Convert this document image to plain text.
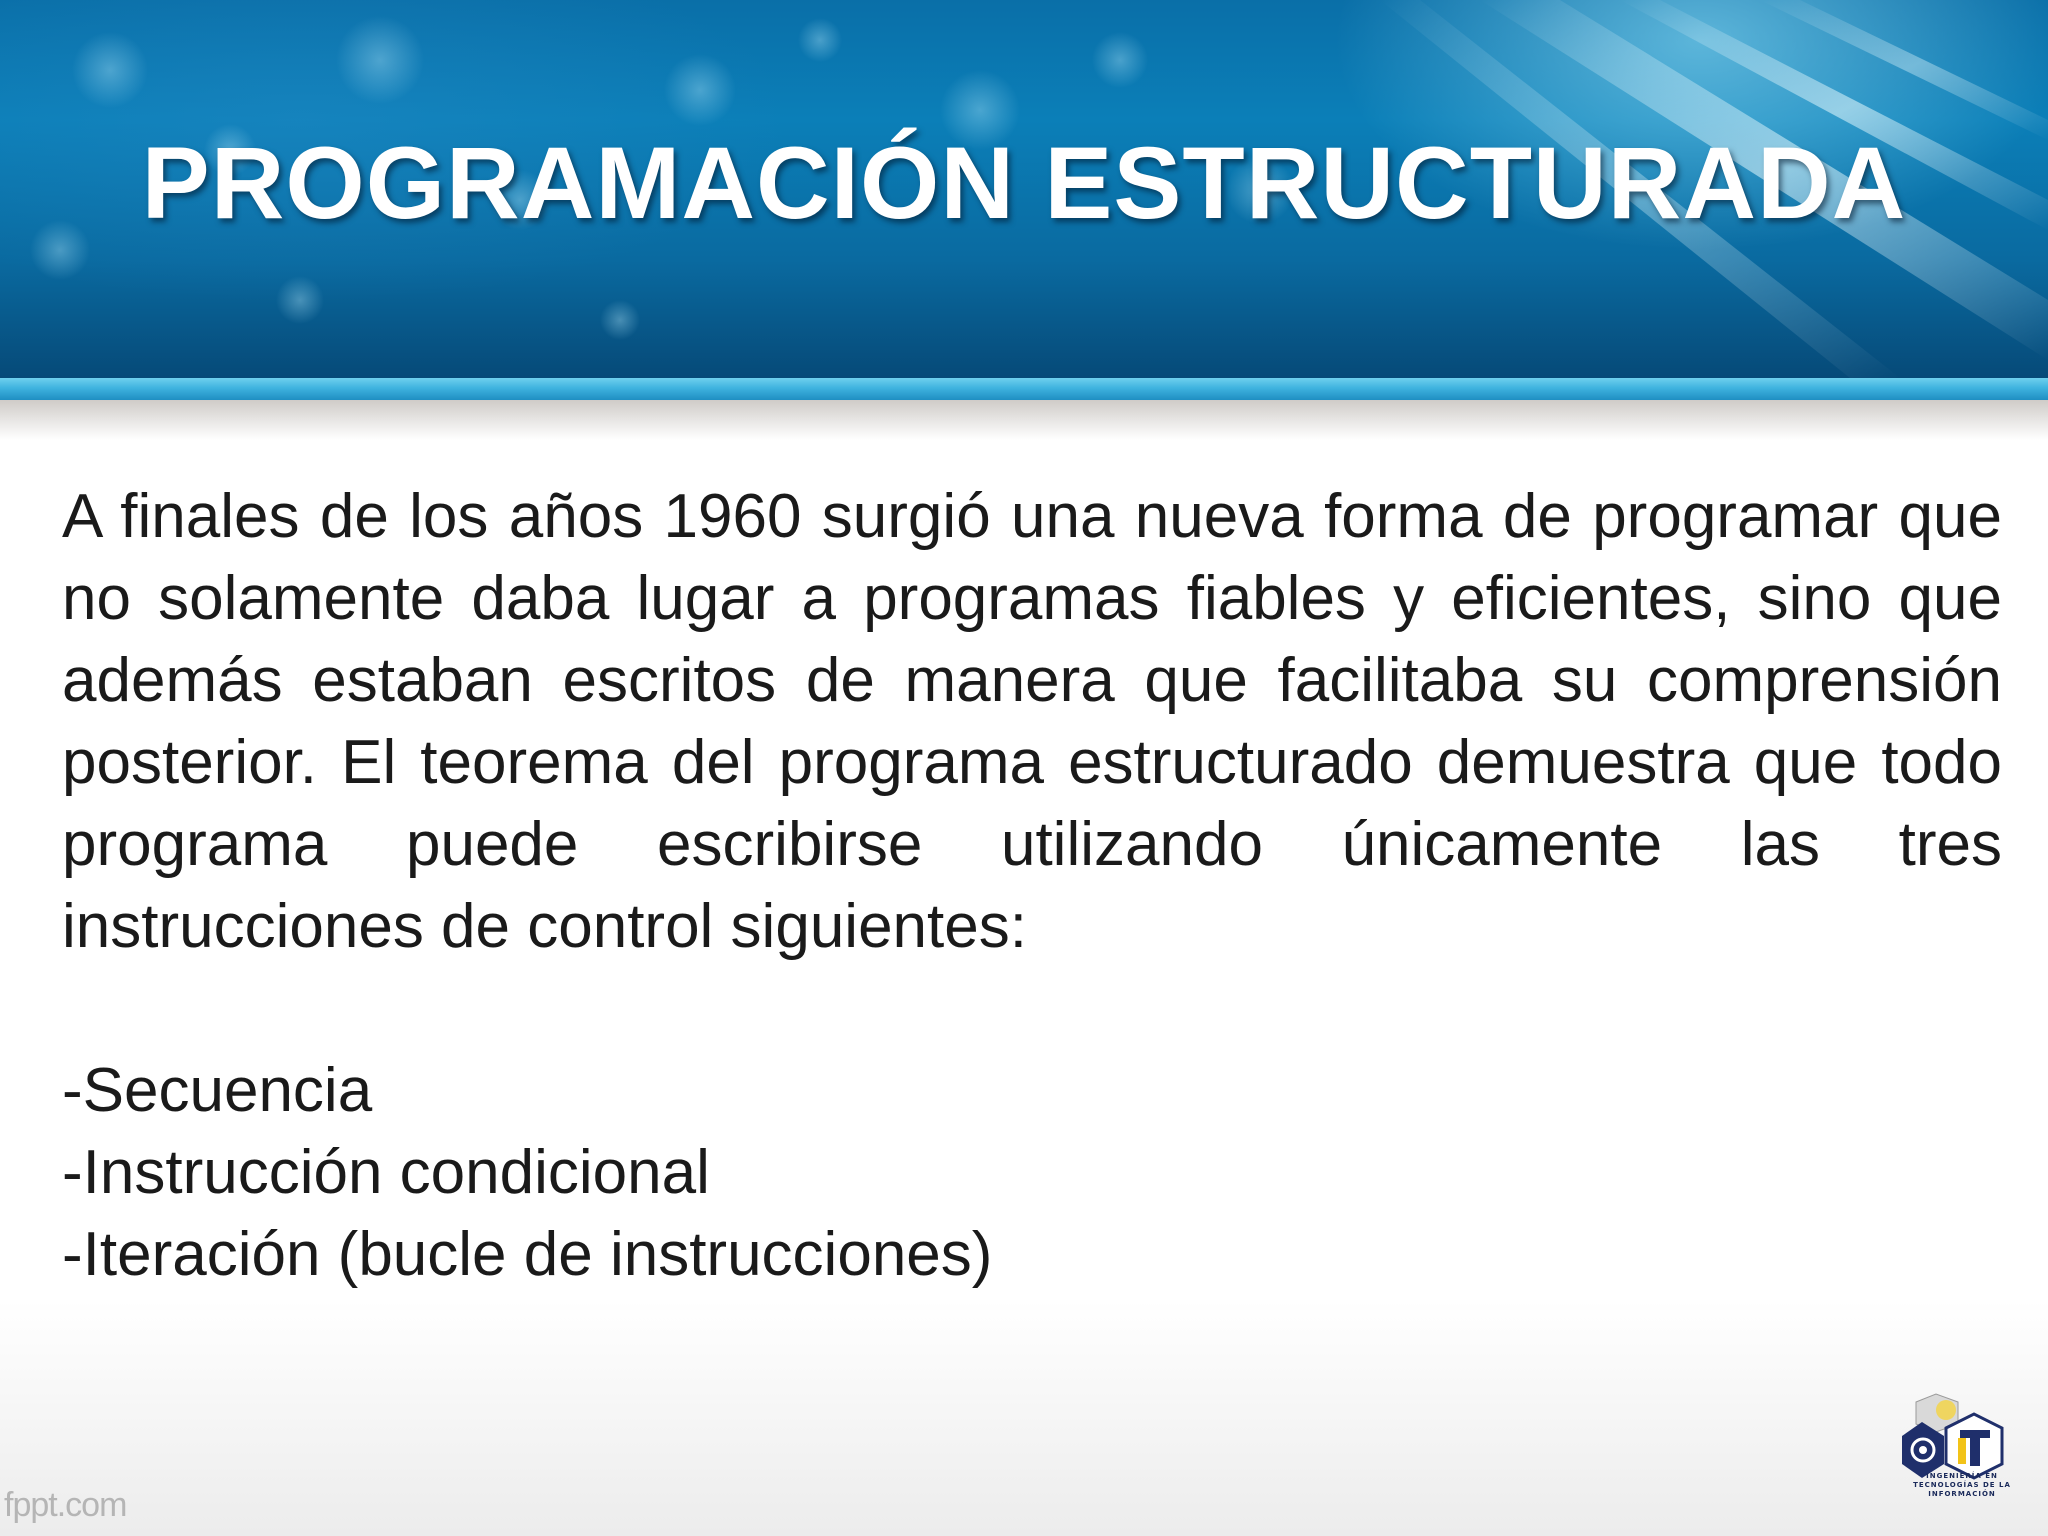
PROGRAMACIÓN ESTRUCTURADA

A finales de los años 1960 surgió una nueva forma de programar que no solamente daba lugar a programas fiables y eficientes, sino que además estaban escritos de manera que facilitaba su comprensión posterior. El teorema del programa estructurado demuestra que todo programa puede escribirse utilizando únicamente las tres instrucciones de control siguientes:

-Secuencia
-Instrucción condicional
-Iteración (bucle de instrucciones)
fppt.com
INGENIERÍA EN
TECNOLOGÍAS DE LA
INFORMACIÓN
